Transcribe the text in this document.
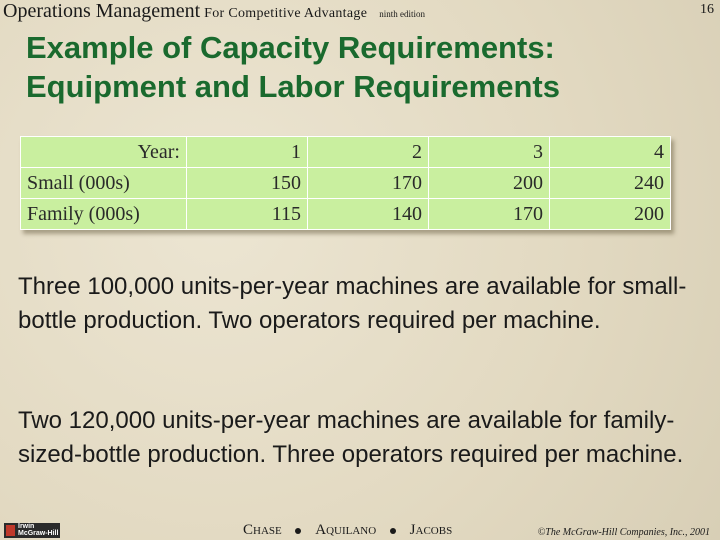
Operations Management For Competitive Advantage ninth edition	16
Example of Capacity Requirements:
Equipment and Labor Requirements
Year:	1	2	3	4
Small (000s)	150	170	200	240
Family (000s)	115	140	170	200

Three 100,000 units-per-year machines are available for small-bottle production. Two operators required per machine.

Two 120,000 units-per-year machines are available for family-sized-bottle production. Three operators required per machine.

Irwin
McGraw-Hill	Chase Aquilano Jacobs	©The McGraw-Hill Companies, Inc., 2001
